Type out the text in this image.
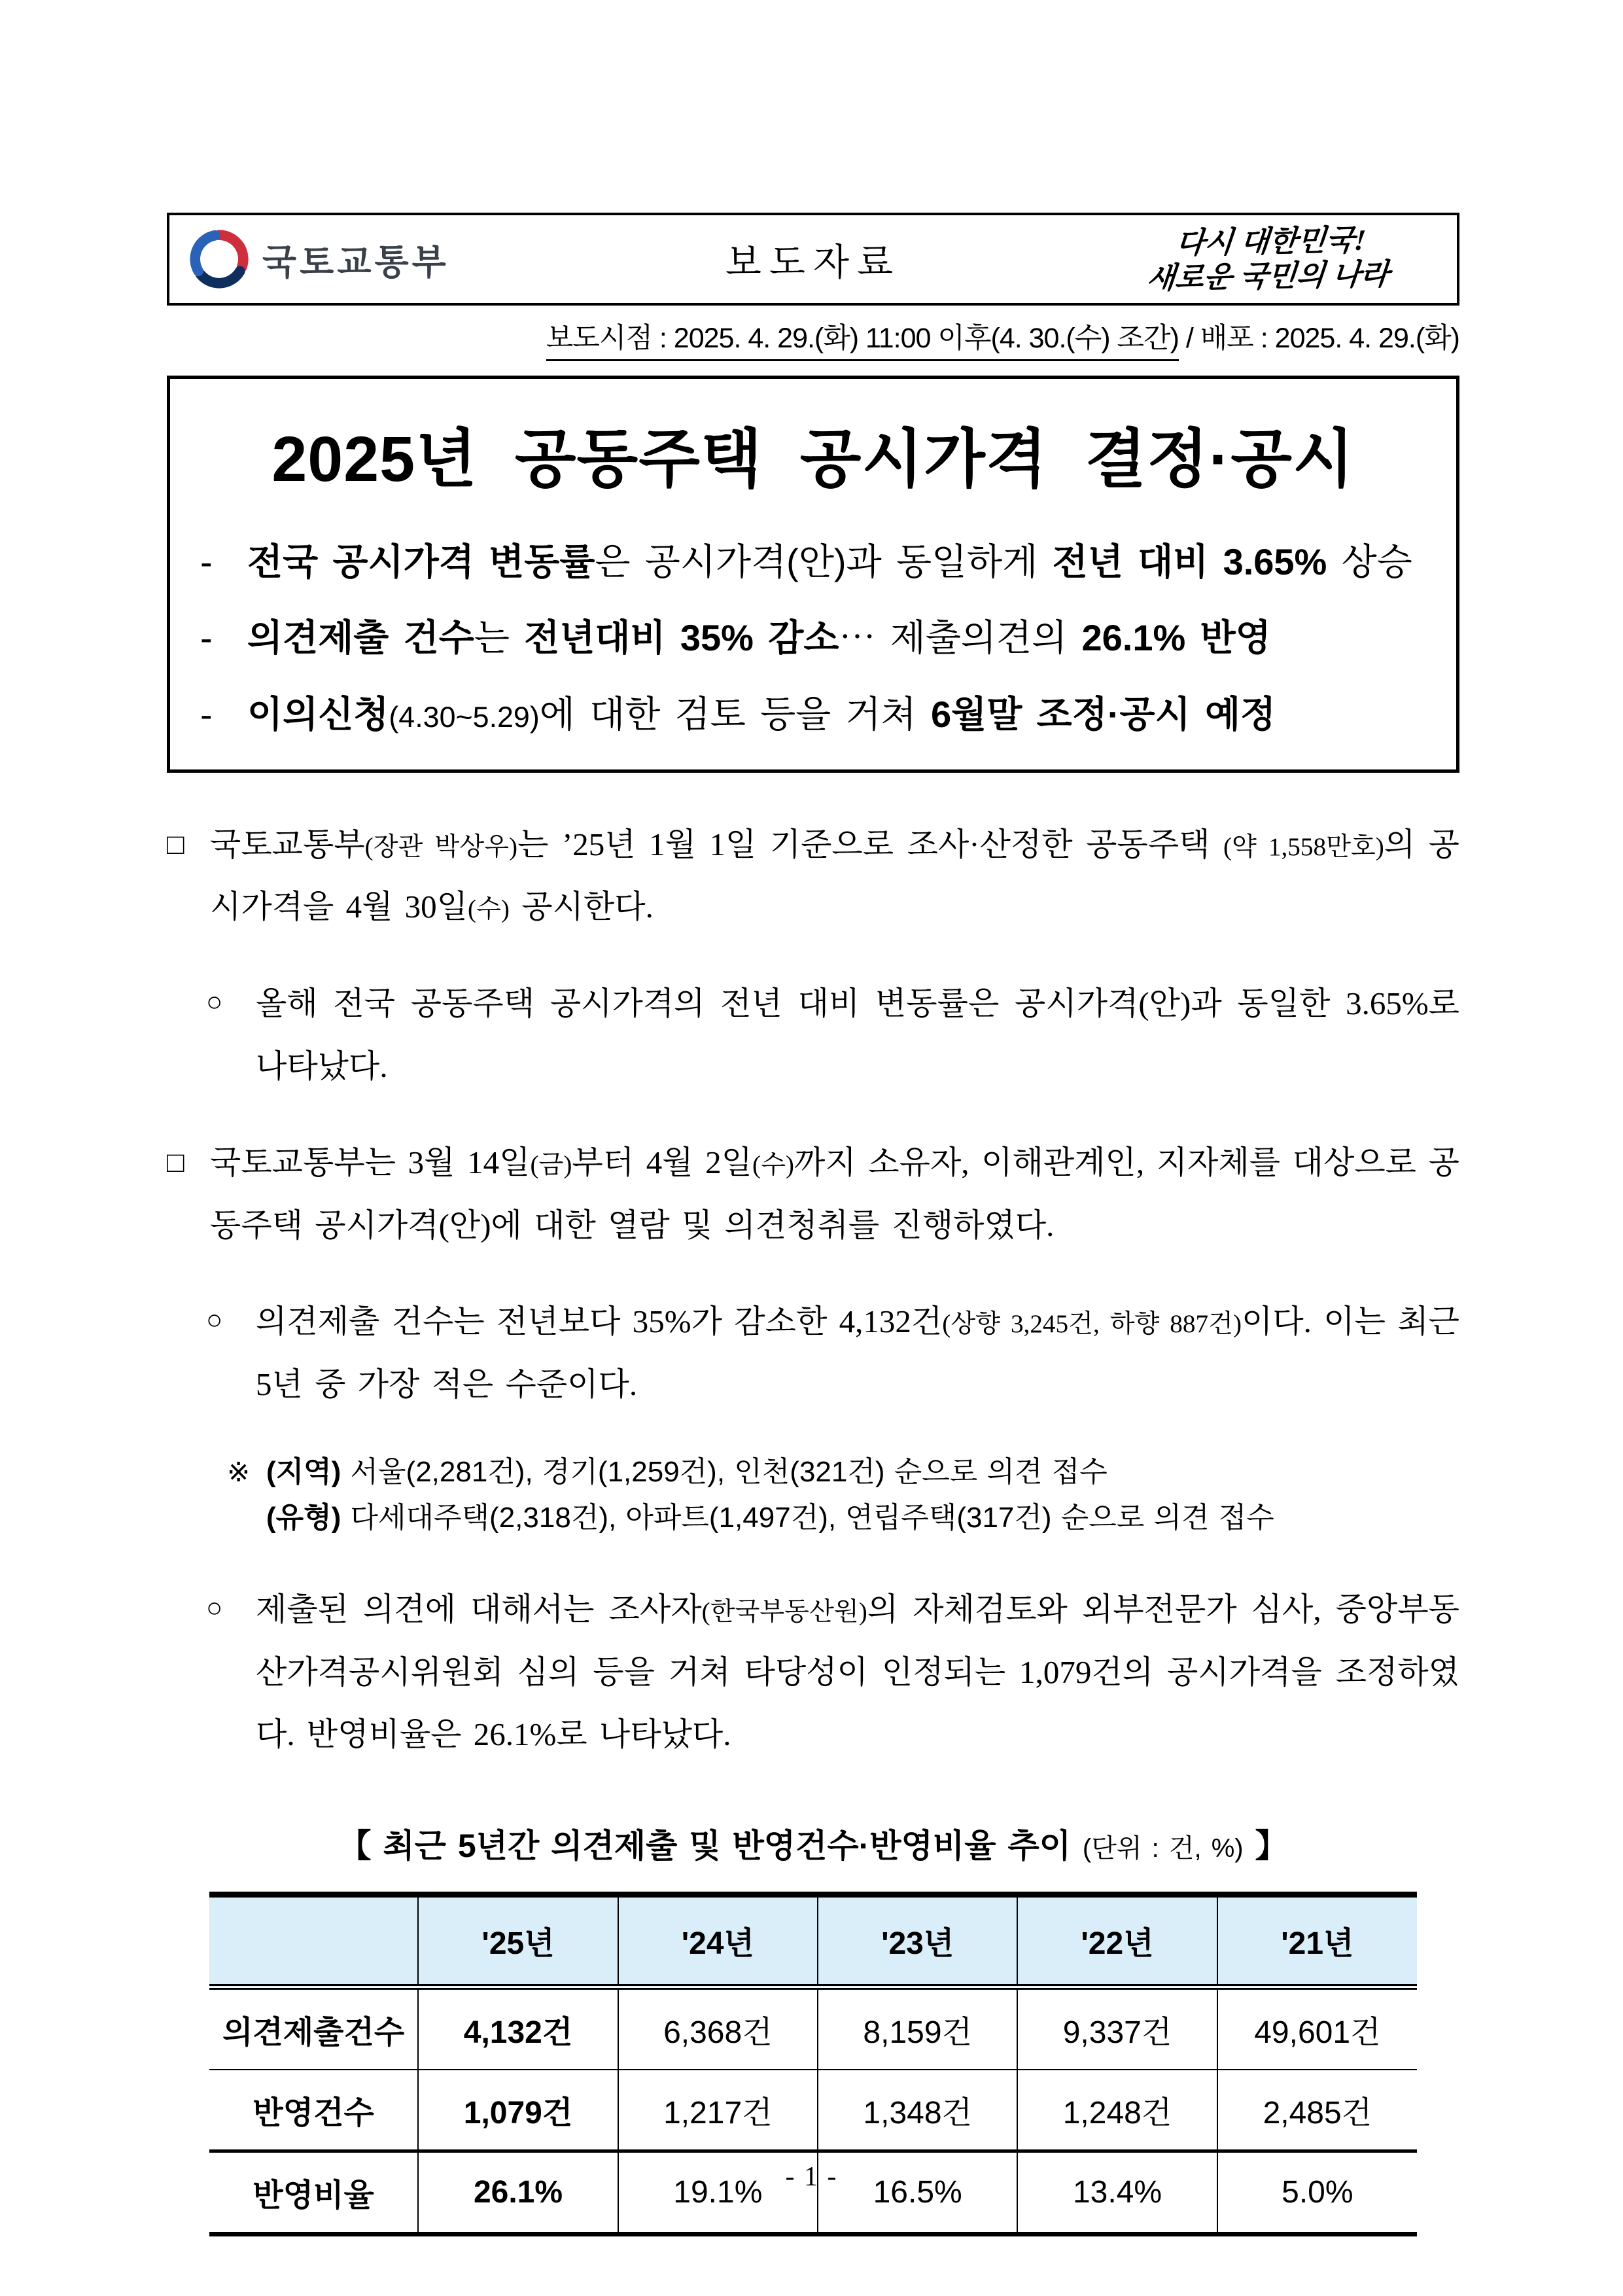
국토교통부	보도자료	다시 대한민국!
새로운 국민의 나라
보도시점 : 2025. 4. 29.(화) 11:00 이후(4. 30.(수) 조간) / 배포 : 2025. 4. 29.(화)
2025년 공동주택 공시가격 결정·공시
- 전국 공시가격 변동률은 공시가격(안)과 동일하게 전년 대비 3.65% 상승
- 의견제출 건수는 전년대비 35% 감소⋯ 제출의견의 26.1% 반영
- 이의신청(4.30~5.29)에 대한 검토 등을 거쳐 6월말 조정·공시 예정

□ 국토교통부(장관 박상우)는 ’25년 1월 1일 기준으로 조사·산정한 공동주택 (약 1,558만호)의 공시가격을 4월 30일(수) 공시한다.

○ 올해 전국 공동주택 공시가격의 전년 대비 변동률은 공시가격(안)과 동일한 3.65%로 나타났다.

□ 국토교통부는 3월 14일(금)부터 4월 2일(수)까지 소유자, 이해관계인, 지자체를 대상으로 공동주택 공시가격(안)에 대한 열람 및 의견청취를 진행하였다.

○ 의견제출 건수는 전년보다 35%가 감소한 4,132건(상향 3,245건, 하향 887건)이다. 이는 최근 5년 중 가장 적은 수준이다.

※ (지역) 서울(2,281건), 경기(1,259건), 인천(321건) 순으로 의견 접수
(유형) 다세대주택(2,318건), 아파트(1,497건), 연립주택(317건) 순으로 의견 접수

○ 제출된 의견에 대해서는 조사자(한국부동산원)의 자체검토와 외부전문가 심사, 중앙부동산가격공시위원회 심의 등을 거쳐 타당성이 인정되는 1,079건의 공시가격을 조정하였다. 반영비율은 26.1%로 나타났다.

【 최근 5년간 의견제출 및 반영건수·반영비율 추이 (단위 : 건, %) 】
	'25년	'24년	'23년	'22년	'21년
의견제출건수	4,132건	6,368건	8,159건	9,337건	49,601건
반영건수	1,079건	1,217건	1,348건	1,248건	2,485건
반영비율	26.1%	19.1%	16.5%	13.4%	5.0%
- 1 -
